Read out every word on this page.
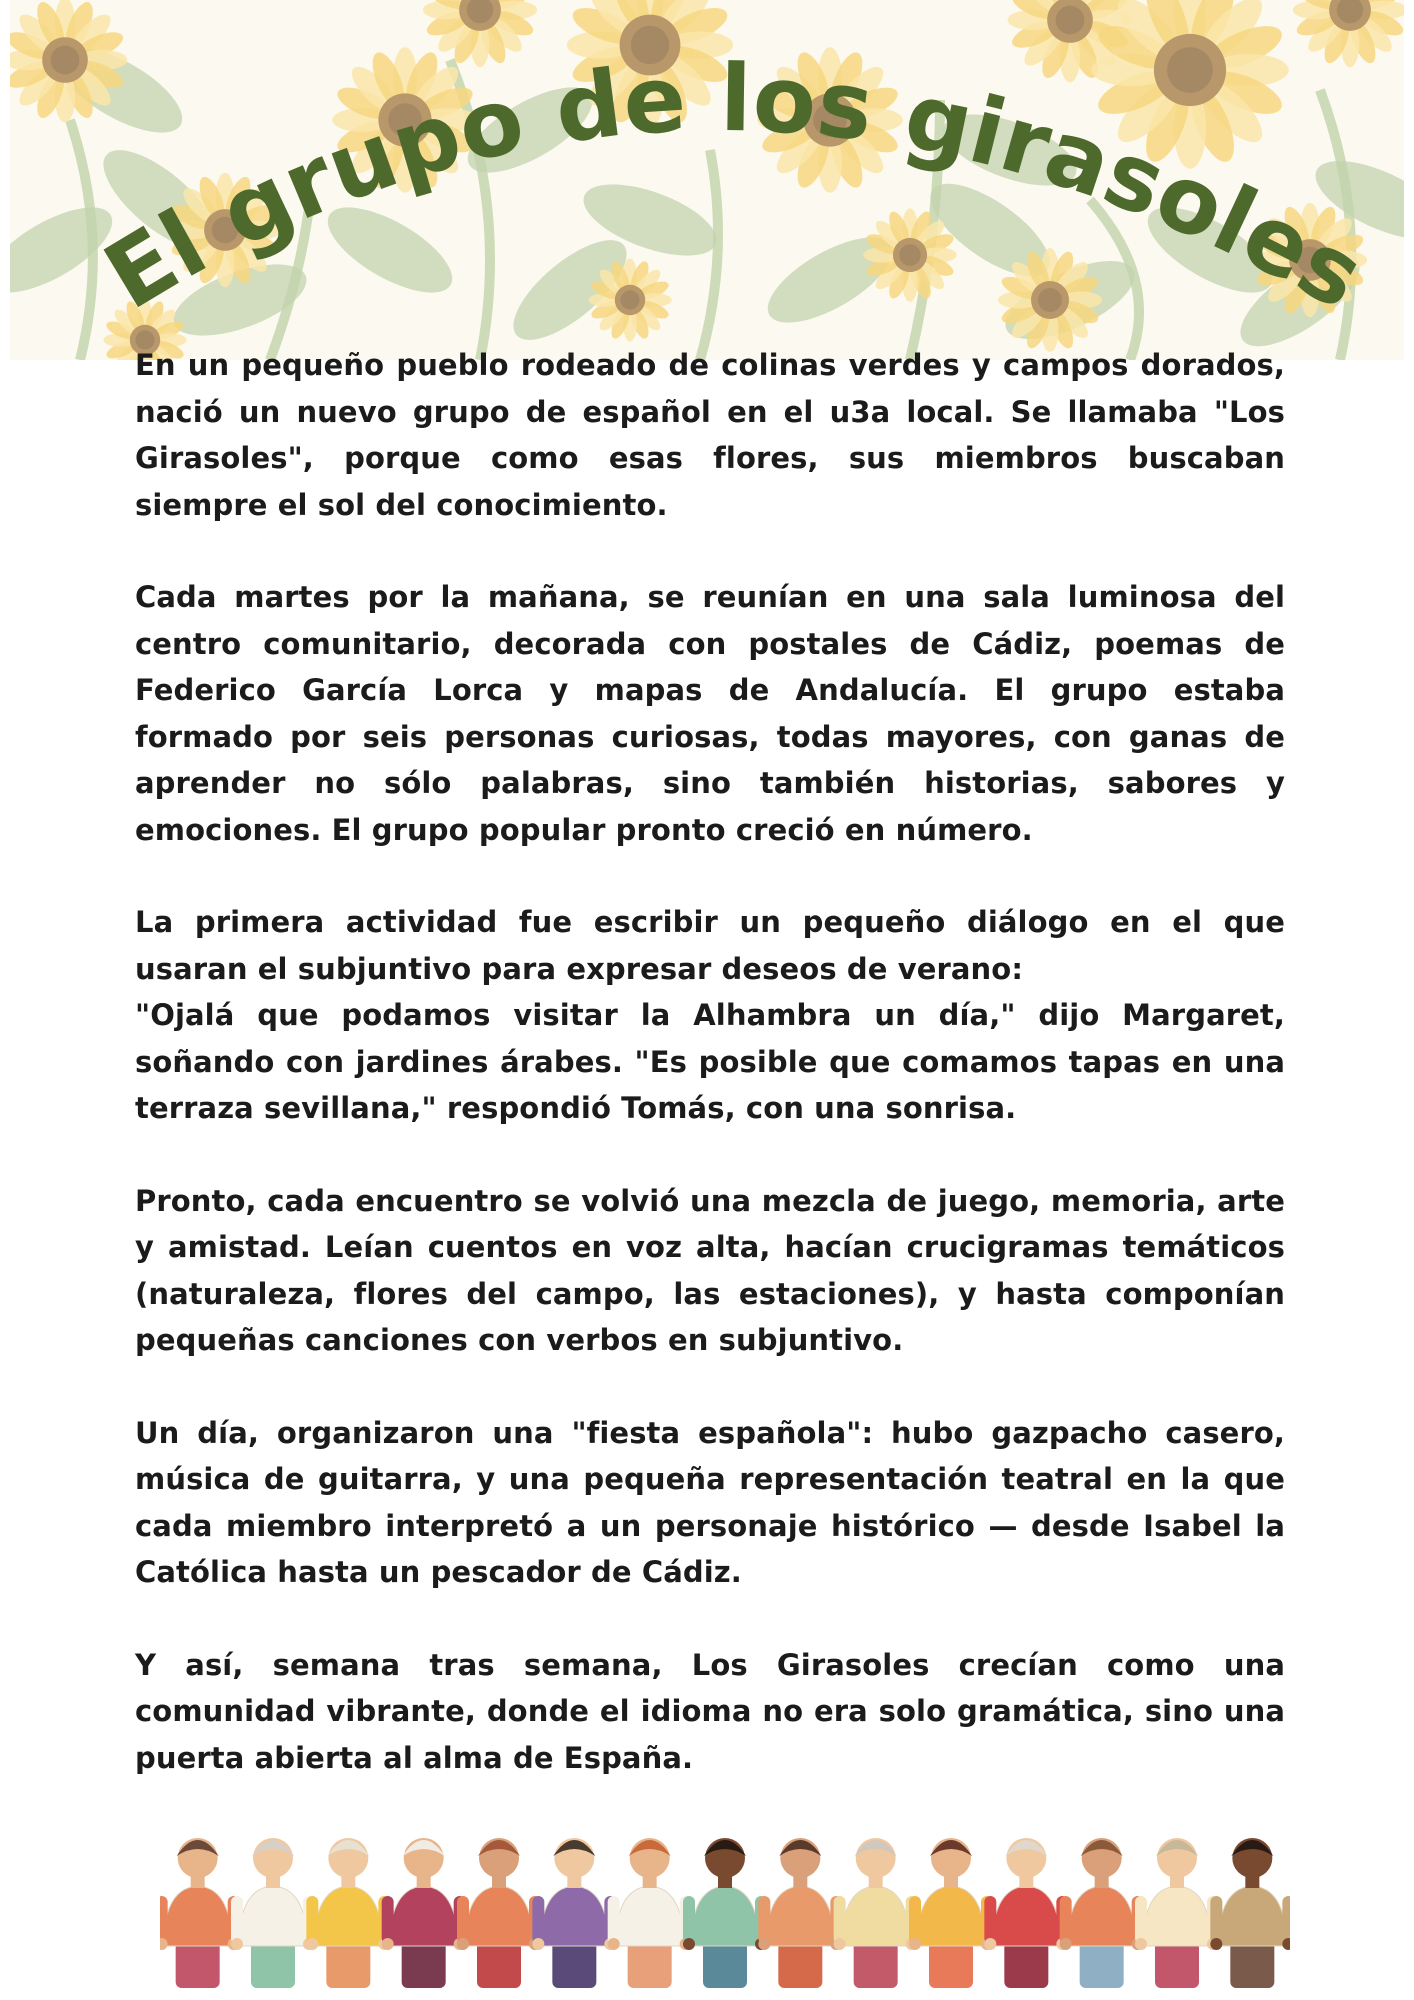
El grupo de los girasoles

En un pequeño pueblo rodeado de colinas verdes y campos dorados, nació un nuevo grupo de español en el u3a local. Se llamaba "Los Girasoles", porque como esas flores, sus miembros buscaban siempre el sol del conocimiento.

Cada martes por la mañana, se reunían en una sala luminosa del centro comunitario, decorada con postales de Cádiz, poemas de Federico García Lorca y mapas de Andalucía. El grupo estaba formado por seis personas curiosas, todas mayores, con ganas de aprender no sólo palabras, sino también historias, sabores y emociones. El grupo popular pronto creció en número.

La primera actividad fue escribir un pequeño diálogo en el que usaran el subjuntivo para expresar deseos de verano:
"Ojalá que podamos visitar la Alhambra un día," dijo Margaret, soñando con jardines árabes. "Es posible que comamos tapas en una terraza sevillana," respondió Tomás, con una sonrisa.

Pronto, cada encuentro se volvió una mezcla de juego, memoria, arte y amistad. Leían cuentos en voz alta, hacían crucigramas temáticos (naturaleza, flores del campo, las estaciones), y hasta componían pequeñas canciones con verbos en subjuntivo.

Un día, organizaron una "fiesta española": hubo gazpacho casero, música de guitarra, y una pequeña representación teatral en la que cada miembro interpretó a un personaje histórico — desde Isabel la Católica hasta un pescador de Cádiz.

Y así, semana tras semana, Los Girasoles crecían como una comunidad vibrante, donde el idioma no era solo gramática, sino una puerta abierta al alma de España.
